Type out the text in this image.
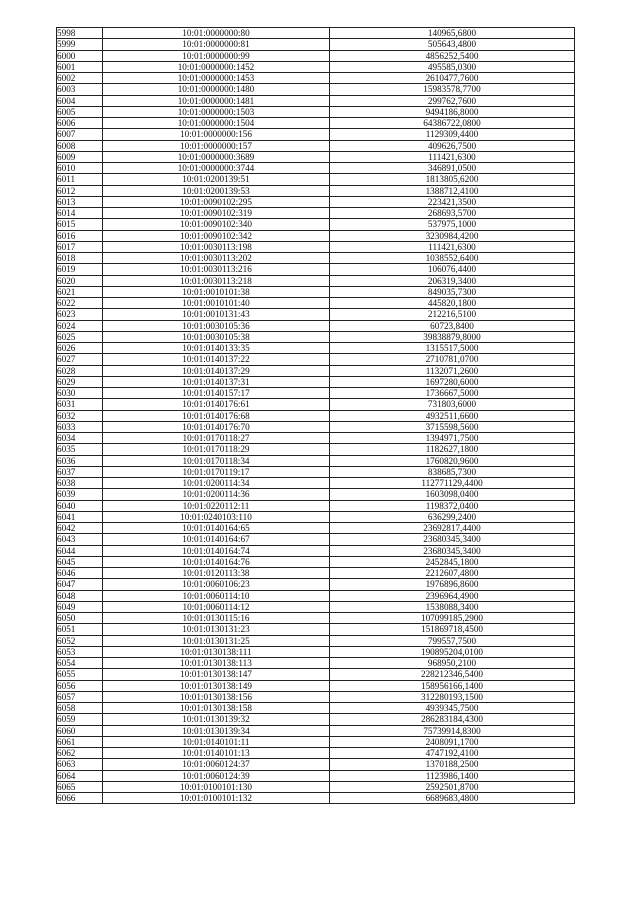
5998	10:01:0000000:80	140965,6800
5999	10:01:0000000:81	505643,4800
6000	10:01:0000000:99	4856252,5400
6001	10:01:0000000:1452	495585,0300
6002	10:01:0000000:1453	2610477,7600
6003	10:01:0000000:1480	15983578,7700
6004	10:01:0000000:1481	299762,7600
6005	10:01:0000000:1503	9494186,8000
6006	10:01:0000000:1504	64386722,0800
6007	10:01:0000000:156	1129309,4400
6008	10:01:0000000:157	409626,7500
6009	10:01:0000000:3689	111421,6300
6010	10:01:0000000:3744	346891,0500
6011	10:01:0200139:51	1813805,6200
6012	10:01:0200139:53	1388712,4100
6013	10:01:0090102:295	223421,3500
6014	10:01:0090102:319	268693,5700
6015	10:01:0090102:340	537975,1000
6016	10:01:0090102:342	3230984,4200
6017	10:01:0030113:198	111421,6300
6018	10:01:0030113:202	1038552,6400
6019	10:01:0030113:216	106076,4400
6020	10:01:0030113:218	206319,3400
6021	10:01:0010101:38	849035,7300
6022	10:01:0010101:40	445820,1800
6023	10:01:0010131:43	212216,5100
6024	10:01:0030105:36	60723,8400
6025	10:01:0030105:38	39838879,8000
6026	10:01:0140133:35	1315517,5000
6027	10:01:0140137:22	2710781,0700
6028	10:01:0140137:29	1132071,2600
6029	10:01:0140137:31	1697280,6000
6030	10:01:0140157:17	1736667,5000
6031	10:01:0140176:61	731803,6000
6032	10:01:0140176:68	4932511,6600
6033	10:01:0140176:70	3715598,5600
6034	10:01:0170118:27	1394971,7500
6035	10:01:0170118:29	1182627,1800
6036	10:01:0170118:34	1760820,9600
6037	10:01:0170119:17	838685,7300
6038	10:01:0200114:34	112771129,4400
6039	10:01:0200114:36	1603098,0400
6040	10:01:0220112:11	1198372,0400
6041	10:01:0240103:110	636299,2400
6042	10:01:0140164:65	23692817,4400
6043	10:01:0140164:67	23680345,3400
6044	10:01:0140164:74	23680345,3400
6045	10:01:0140164:76	2452845,1800
6046	10:01:0120113:38	2212607,4800
6047	10:01:0060106:23	1976896,8600
6048	10:01:0060114:10	2396964,4900
6049	10:01:0060114:12	1538088,3400
6050	10:01:0130115:16	107099185,2900
6051	10:01:0130131:23	151869718,4500
6052	10:01:0130131:25	799557,7500
6053	10:01:0130138:111	190895204,0100
6054	10:01:0130138:113	968950,2100
6055	10:01:0130138:147	228212346,5400
6056	10:01:0130138:149	158956166,1400
6057	10:01:0130138:156	312280193,1500
6058	10:01:0130138:158	4939345,7500
6059	10:01:0130139:32	286283184,4300
6060	10:01:0130139:34	75739914,8300
6061	10:01:0140101:11	2408091,1700
6062	10:01:0140101:13	4747192,4100
6063	10:01:0060124:37	1370188,2500
6064	10:01:0060124:39	1123986,1400
6065	10:01:0100101:130	2592501,8700
6066	10:01:0100101:132	6689683,4800
